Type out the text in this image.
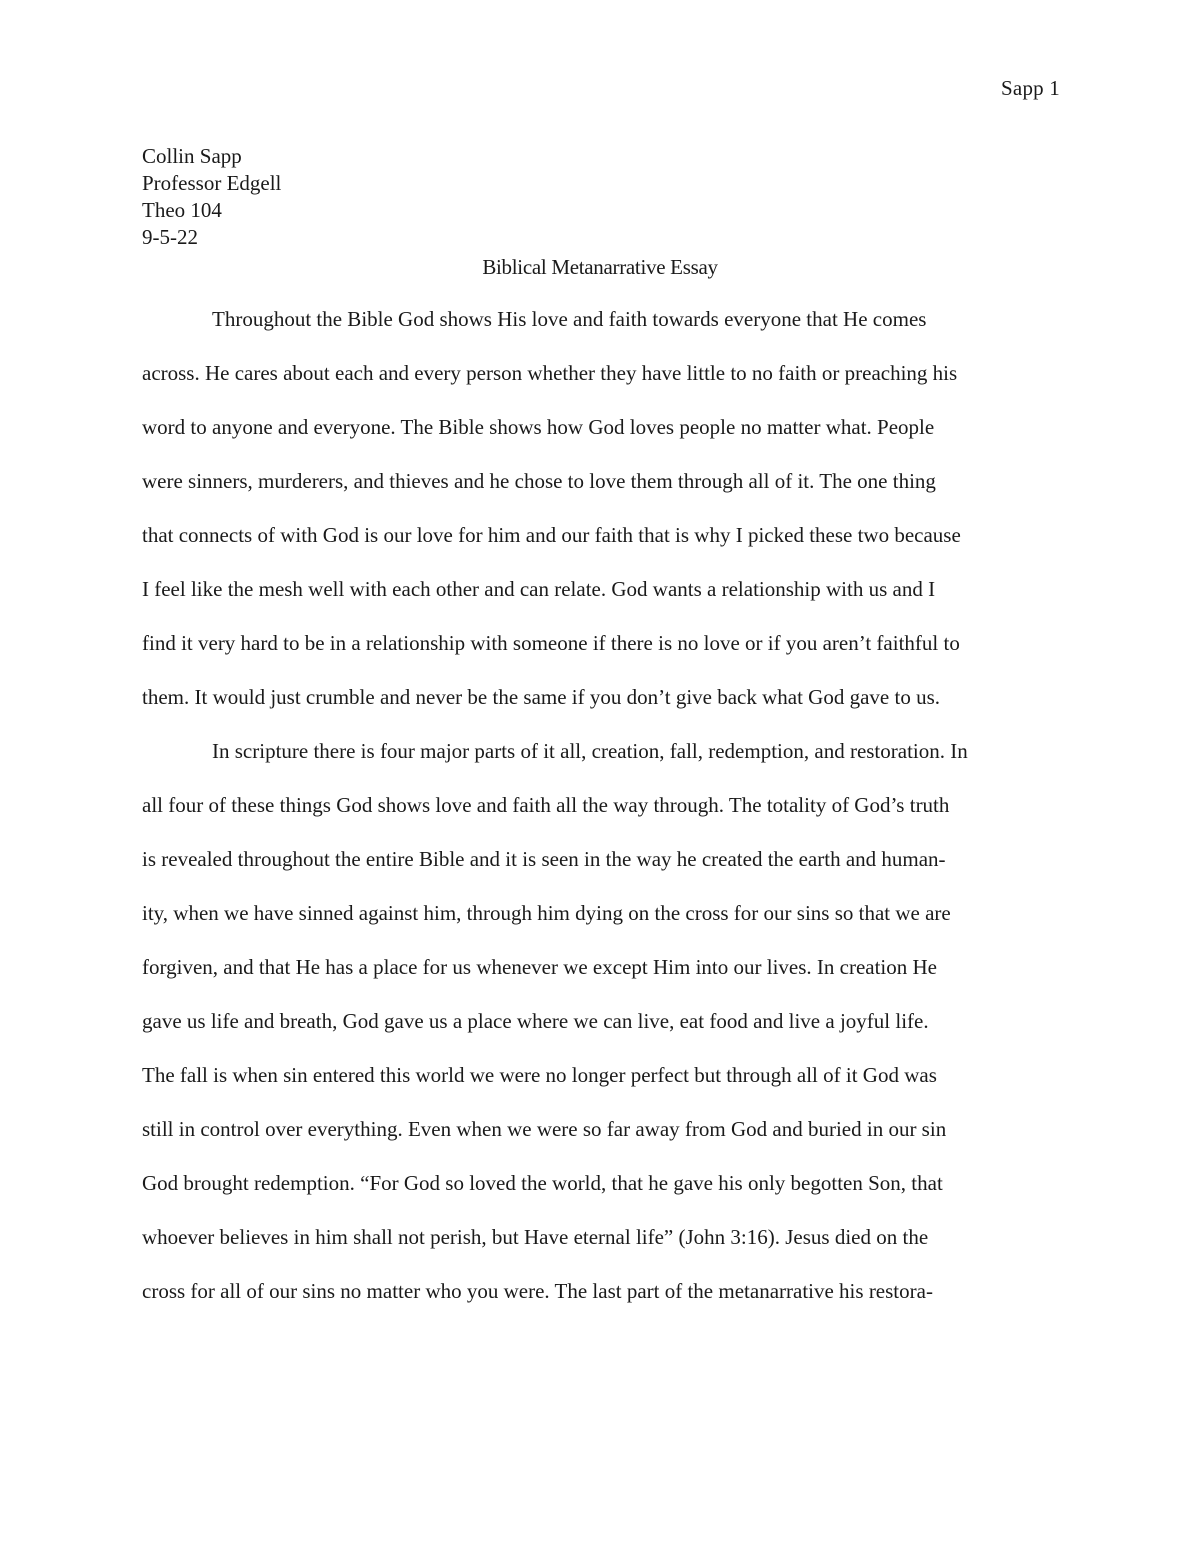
Sapp 1
Collin Sapp
Professor Edgell
Theo 104
9-5-22
Biblical Metanarrative Essay
Throughout the Bible God shows His love and faith towards everyone that He comes
across. He cares about each and every person whether they have little to no faith or preaching his
word to anyone and everyone. The Bible shows how God loves people no matter what. People
were sinners, murderers, and thieves and he chose to love them through all of it. The one thing
that connects of with God is our love for him and our faith that is why I picked these two because
I feel like the mesh well with each other and can relate. God wants a relationship with us and I
find it very hard to be in a relationship with someone if there is no love or if you aren’t faithful to
them. It would just crumble and never be the same if you don’t give back what God gave to us.
In scripture there is four major parts of it all, creation, fall, redemption, and restoration. In
all four of these things God shows love and faith all the way through. The totality of God’s truth
is revealed throughout the entire Bible and it is seen in the way he created the earth and human-
ity, when we have sinned against him, through him dying on the cross for our sins so that we are
forgiven, and that He has a place for us whenever we except Him into our lives. In creation He
gave us life and breath, God gave us a place where we can live, eat food and live a joyful life.
The fall is when sin entered this world we were no longer perfect but through all of it God was
still in control over everything. Even when we were so far away from God and buried in our sin
God brought redemption. “For God so loved the world, that he gave his only begotten Son, that
whoever believes in him shall not perish, but Have eternal life” (John 3:16). Jesus died on the
cross for all of our sins no matter who you were. The last part of the metanarrative his restora-
